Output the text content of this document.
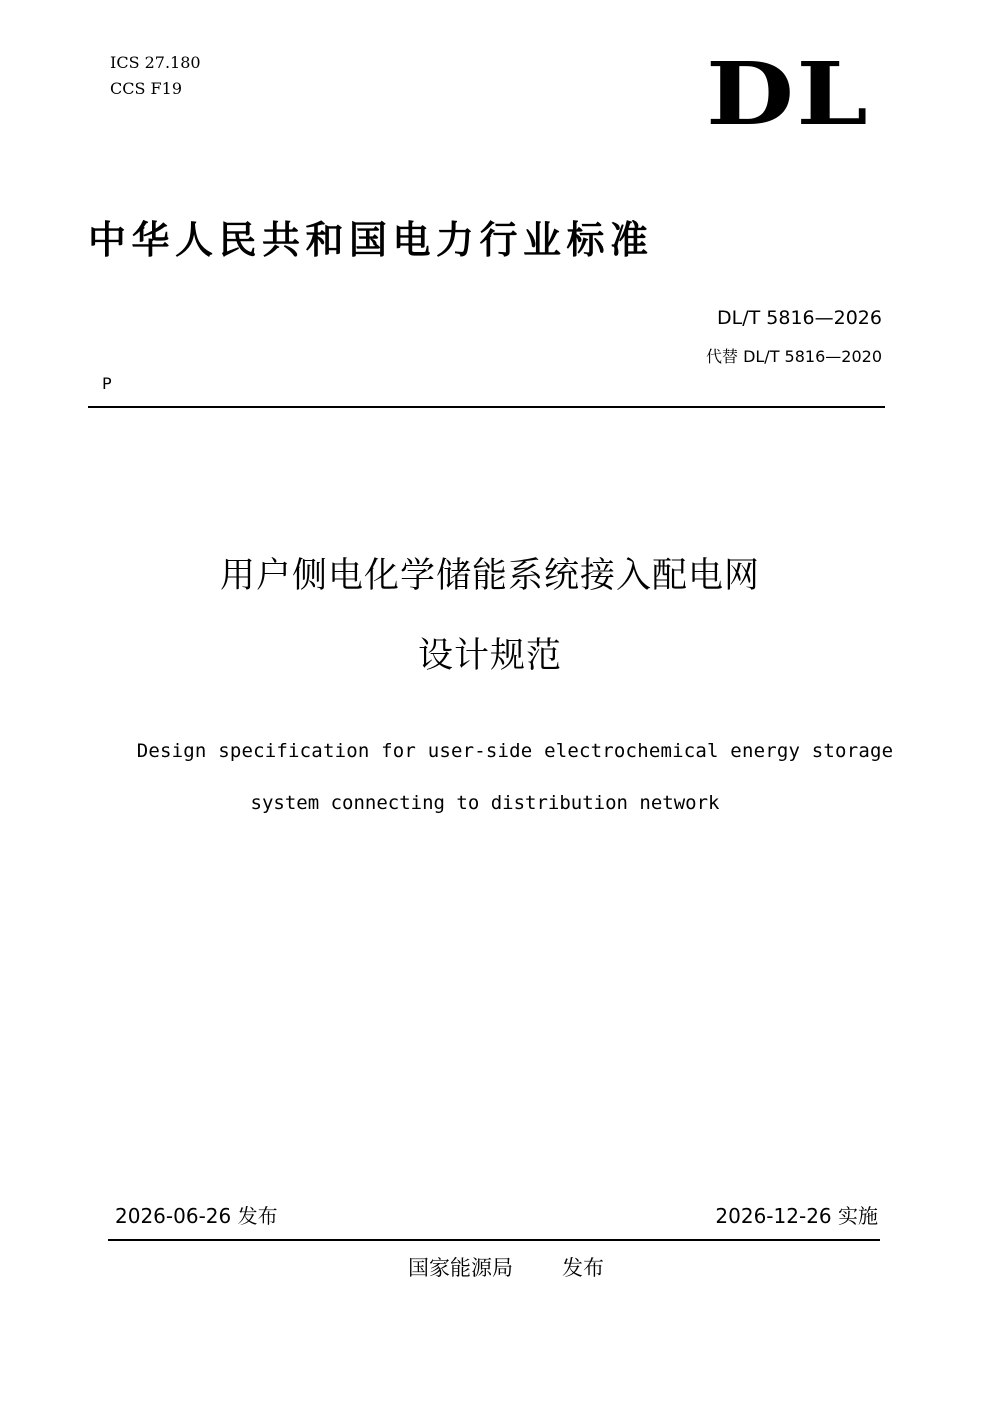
ICS 27.180
CCS F19	DL
中华人民共和国电力行业标准
DL/T 5816—2026
代替 DL/T 5816—2020
P
用户侧电化学储能系统接入配电网
设计规范
Design specification for user-side electrochemical energy storage
system connecting to distribution network
2026-06-26 发布	2026-12-26 实施
国家能源局 发布
